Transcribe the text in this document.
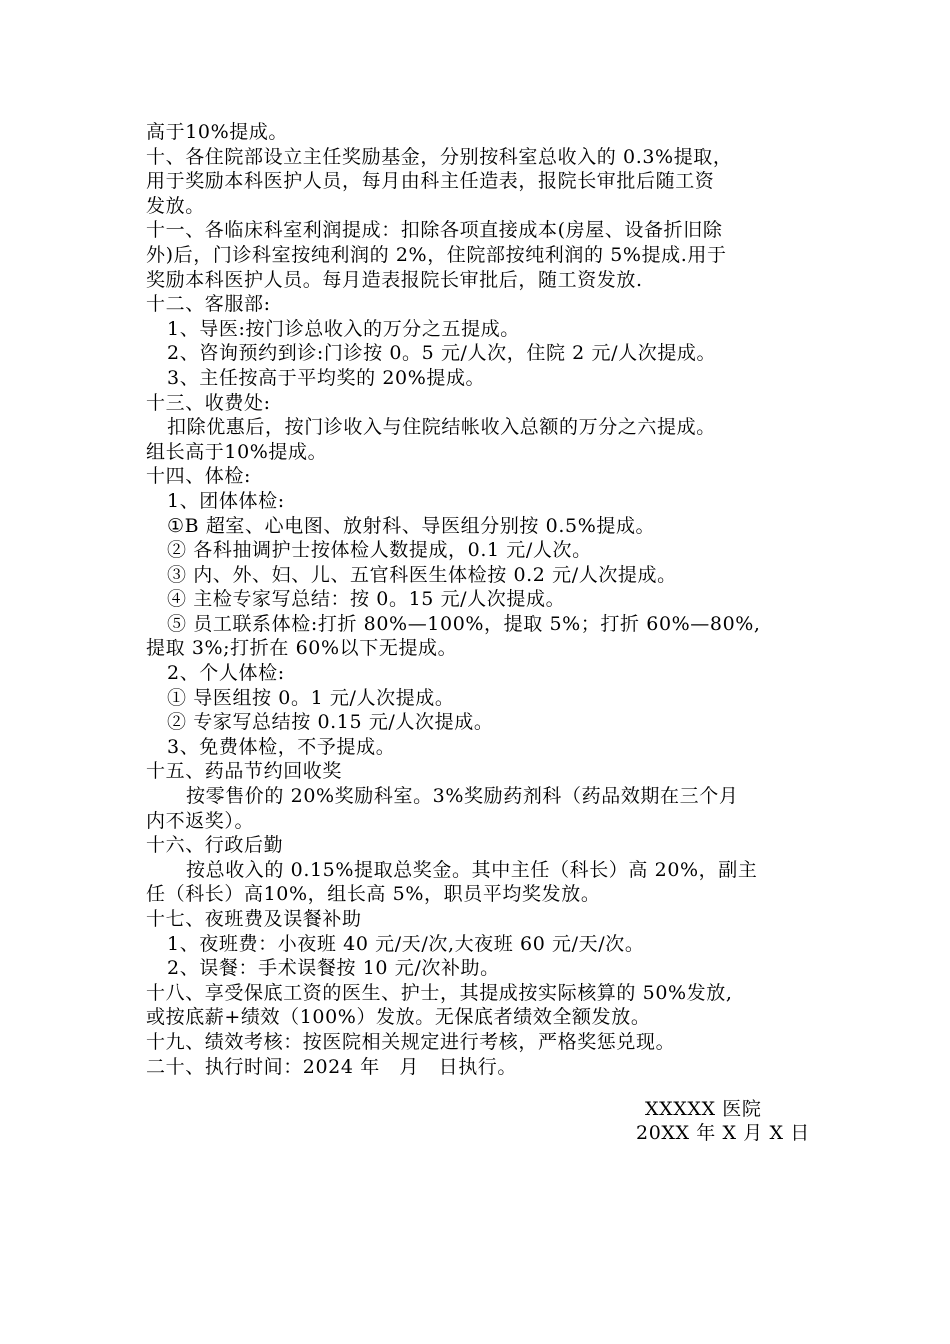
高于10%提成。
十、各住院部设立主任奖励基金，分别按科室总收入的 0.3%提取，
用于奖励本科医护人员，每月由科主任造表，报院长审批后随工资
发放。
十一、各临床科室利润提成：扣除各项直接成本(房屋、设备折旧除
外)后，门诊科室按纯利润的 2%，住院部按纯利润的 5%提成.用于
奖励本科医护人员。每月造表报院长审批后，随工资发放.
十二、客服部:
1、导医:按门诊总收入的万分之五提成。
2、咨询预约到诊:门诊按 0。5 元/人次，住院 2 元/人次提成。
3、主任按高于平均奖的 20%提成。
十三、收费处:
扣除优惠后，按门诊收入与住院结帐收入总额的万分之六提成。
组长高于10%提成。
十四、体检:
1、团体体检:
①B 超室、心电图、放射科、导医组分别按 0.5%提成。
② 各科抽调护士按体检人数提成，0.1 元/人次。
③ 内、外、妇、儿、五官科医生体检按 0.2 元/人次提成。
④ 主检专家写总结：按 0。15 元/人次提成。
⑤ 员工联系体检:打折 80%—100%，提取 5%；打折 60%—80%,
提取 3%;打折在 60%以下无提成。
2、个人体检:
① 导医组按 0。1 元/人次提成。
② 专家写总结按 0.15 元/人次提成。
3、免费体检，不予提成。
十五、药品节约回收奖
按零售价的 20%奖励科室。3%奖励药剂科（药品效期在三个月
内不返奖）。
十六、行政后勤
按总收入的 0.15%提取总奖金。其中主任（科长）高 20%，副主
任（科长）高10%，组长高 5%，职员平均奖发放。
十七、夜班费及误餐补助
1、夜班费：小夜班 40 元/天/次,大夜班 60 元/天/次。
2、误餐：手术误餐按 10 元/次补助。
十八、享受保底工资的医生、护士，其提成按实际核算的 50%发放,
或按底薪+绩效（100%）发放。无保底者绩效全额发放。
十九、绩效考核：按医院相关规定进行考核，严格奖惩兑现。
二十、执行时间：2024 年　月　日执行。
XXXXX 医院
20XX 年 X 月 X 日
